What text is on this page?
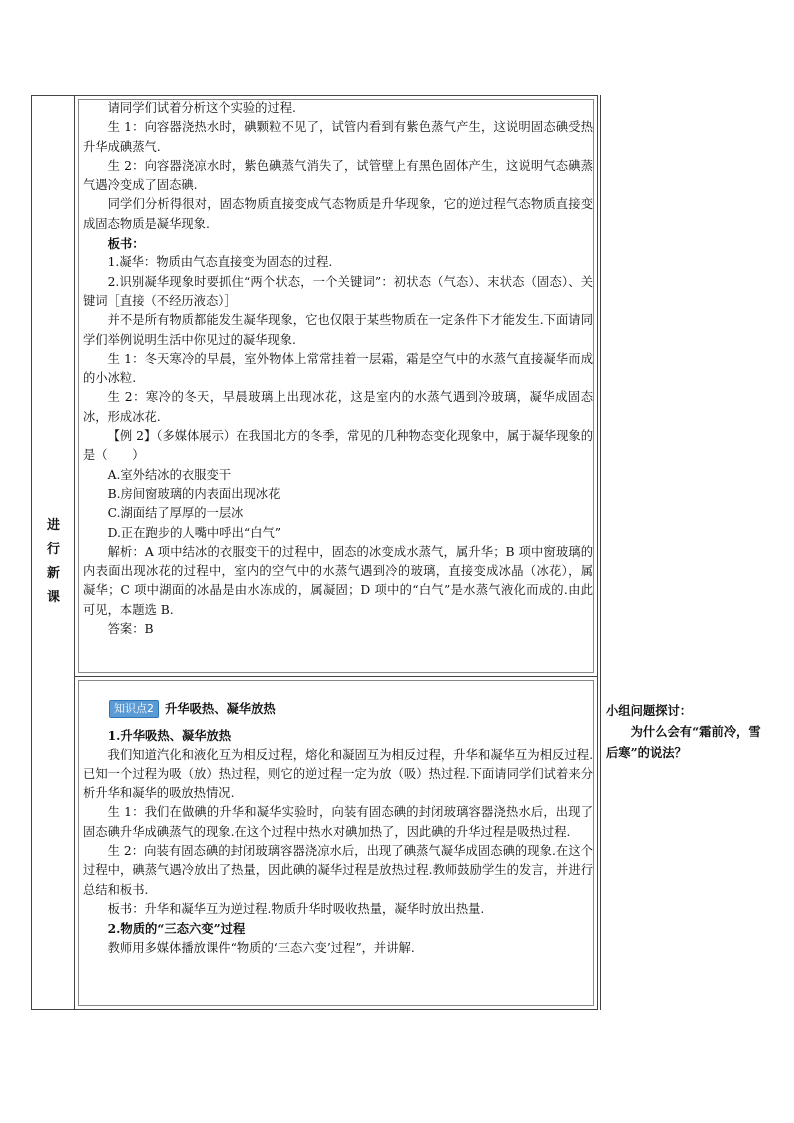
进
行
新
课

请同学们试着分析这个实验的过程.

生 1：向容器浇热水时，碘颗粒不见了，试管内看到有紫色蒸气产生，这说明固态碘受热升华成碘蒸气.

生 2：向容器浇凉水时，紫色碘蒸气消失了，试管壁上有黑色固体产生，这说明气态碘蒸气遇冷变成了固态碘.

同学们分析得很对，固态物质直接变成气态物质是升华现象，它的逆过程气态物质直接变成固态物质是凝华现象.

板书：

1.凝华：物质由气态直接变为固态的过程.

2.识别凝华现象时要抓住“两个状态，一个关键词”：初状态（气态）、末状态（固态）、关键词［直接（不经历液态）］

并不是所有物质都能发生凝华现象，它也仅限于某些物质在一定条件下才能发生.下面请同学们举例说明生活中你见过的凝华现象.

生 1：冬天寒冷的早晨，室外物体上常常挂着一层霜，霜是空气中的水蒸气直接凝华而成的小冰粒.

生 2：寒冷的冬天，早晨玻璃上出现冰花，这是室内的水蒸气遇到冷玻璃，凝华成固态冰，形成冰花.

【例 2】（多媒体展示）在我国北方的冬季，常见的几种物态变化现象中，属于凝华现象的是（　　）

A.室外结冰的衣服变干

B.房间窗玻璃的内表面出现冰花

C.湖面结了厚厚的一层冰

D.正在跑步的人嘴中呼出“白气”

解析：A 项中结冰的衣服变干的过程中，固态的冰变成水蒸气，属升华；B 项中窗玻璃的内表面出现冰花的过程中，室内的空气中的水蒸气遇到冷的玻璃，直接变成冰晶（冰花），属凝华；C 项中湖面的冰晶是由水冻成的，属凝固；D 项中的“白气”是水蒸气液化而成的.由此可见，本题选 B.

答案：B

知识点2 升华吸热、凝华放热

1.升华吸热、凝华放热

我们知道汽化和液化互为相反过程，熔化和凝固互为相反过程，升华和凝华互为相反过程.已知一个过程为吸（放）热过程，则它的逆过程一定为放（吸）热过程.下面请同学们试着来分析升华和凝华的吸放热情况.

生 1：我们在做碘的升华和凝华实验时，向装有固态碘的封闭玻璃容器浇热水后，出现了固态碘升华成碘蒸气的现象.在这个过程中热水对碘加热了，因此碘的升华过程是吸热过程.

生 2：向装有固态碘的封闭玻璃容器浇凉水后，出现了碘蒸气凝华成固态碘的现象.在这个过程中，碘蒸气遇冷放出了热量，因此碘的凝华过程是放热过程.教师鼓励学生的发言，并进行总结和板书.

板书：升华和凝华互为逆过程.物质升华时吸收热量，凝华时放出热量.

2.物质的“三态六变”过程

教师用多媒体播放课件“物质的‘三态六变’过程”，并讲解.

小组问题探讨：
为什么会有“霜前冷，雪后寒”的说法？
